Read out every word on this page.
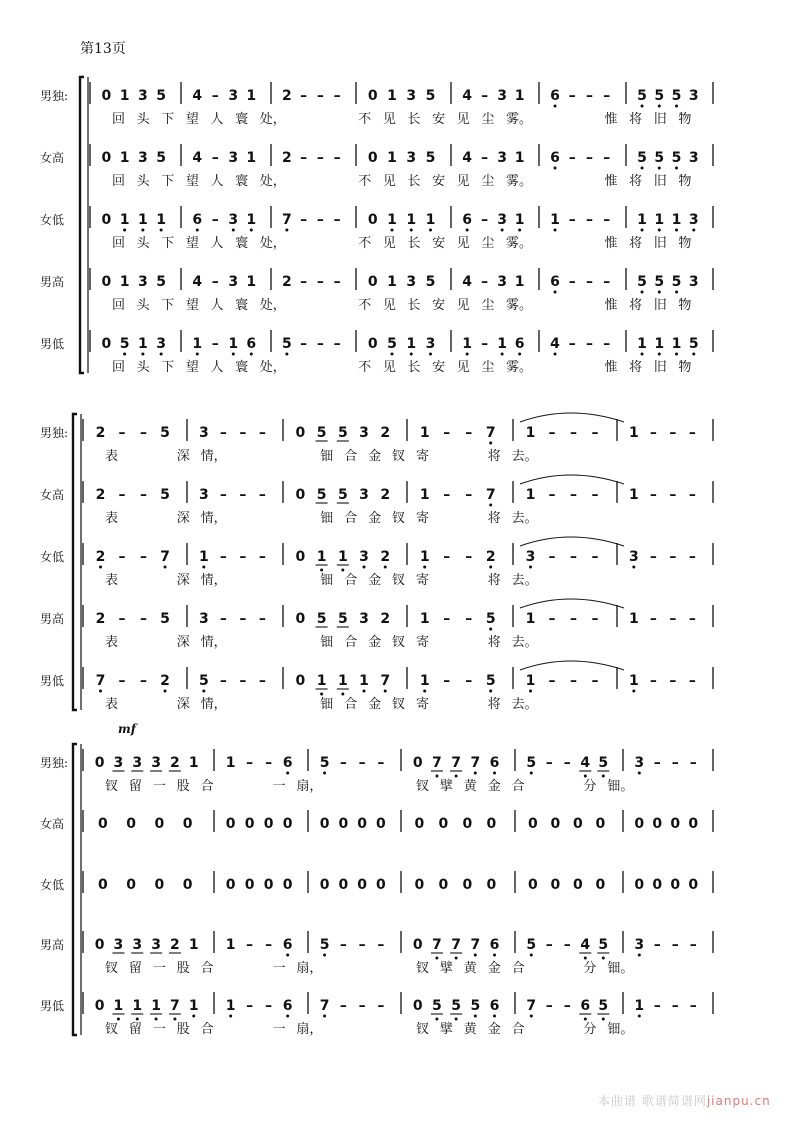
第13页
男独: 0 1 3 5 4 – 3 1 2 – – – 0 1 3 5 4 – 3 1 6 – – – 5 5 5 3
回 头 下 望 人 寰 处，	不 见 长 安 见 尘 雾。	惟 将 旧 物
女高	0 1 3 5 4 – 3 1 2 – – – 0 1 3 5 4 – 3 1 6 – – – 5 5 5 3
回 头 下 望 人 寰 处，	不 见 长 安 见 尘 雾。	惟 将 旧 物
女低	0 1 1 1 6 – 3 1 7 – – – 0 1 1 1 6 – 3 1 1 – – – 1 1 1 3
回 头 下 望 人 寰 处，	不 见 长 安 见 尘 雾。	惟 将 旧 物
男高	0 1 3 5 4 – 3 1 2 – – – 0 1 3 5 4 – 3 1 6 – – – 5 5 5 3
回 头 下 望 人 寰 处，	不 见 长 安 见 尘 雾。	惟 将 旧 物
男低	0 5 1 3 1 – 1 6 5 – – – 0 5 1 3 1 – 1 6 4 – – – 1 1 1 5
回 头 下 望 人 寰 处，	不 见 长 安 见 尘 雾。	惟 将 旧 物
男独: 2 – – 5 3 – – – 0 5 5 3 2 1 – – 7 1 – – – 1 – – –
表	深 情，	钿 合 金 钗 寄	将 去。
女高 2 – – 5 3 – – – 0 5 5 3 2 1 – – 7 1 – – – 1 – – –
表	深 情，	钿 合 金 钗 寄	将 去。
女低 2 – – 7 1 – – – 0 1 1 3 2 1 – – 2 3 – – – 3 – – –
表	深 情，	钿 合 金 钗 寄	将 去。
男高 2 – – 5 3 – – – 0 5 5 3 2 1 – – 5 1 – – – 1 – – –
表	深 情，	钿 合 金 钗 寄	将 去。
男低 7 – – 2 5 – – – 0 1 1 1 7 1 – – 5 1 – – – 1 – – –
表	深 情，	钿 合 金 钗 寄	将 去。
男独: 0 3 3 3 2 1 1 – – 6 5 – – – 0 7 7 7 6 5 – – 4 5 3 – – –
钗 留 一 股 合	一 扇，	钗 擘 黄 金 合	分 钿。
女高 0 0 0 0 0 0 0 0 0 0 0 0 0 0 0 0 0 0 0 0 0 0 0 0
女低 0 0 0 0 0 0 0 0 0 0 0 0 0 0 0 0 0 0 0 0 0 0 0 0
男高 0 3 3 3 2 1 1 – – 6 5 – – – 0 7 7 7 6 5 – – 4 5 3 – – –
钗 留 一 股 合	一 扇，	钗 擘 黄 金 合	分 钿。
男低 0 1 1 1 7 1 1 – – 6 7 – – – 0 5 5 5 6 7 – – 6 5 1 – – –
钗 留 一 股 合	一 扇，	钗 擘 黄 金 合	分 钿。
mf
本曲谱 歌谱简谱网jianpu.cn
